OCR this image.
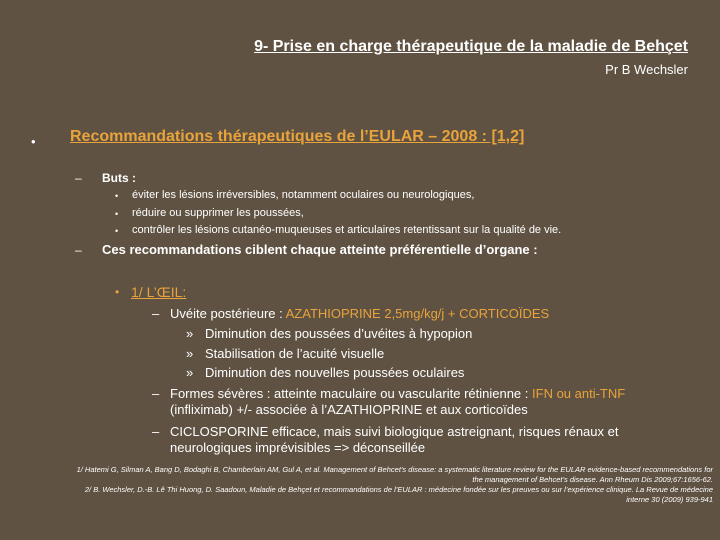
9- Prise en charge thérapeutique de la maladie de Behçet
Pr B Wechsler
• Recommandations thérapeutiques de l’EULAR – 2008 : [1,2]
– Buts :
• éviter les lésions irréversibles, notamment oculaires ou neurologiques,
• réduire ou supprimer les poussées,
• contrôler les lésions cutanéo-muqueuses et articulaires retentissant sur la qualité de vie.
– Ces recommandations ciblent chaque atteinte préférentielle d’organe :
• 1/ L’ŒIL:
– Uvéite postérieure : AZATHIOPRINE 2,5mg/kg/j + CORTICOÏDES
» Diminution des poussées d’uvéites à hypopion
» Stabilisation de l’acuité visuelle
» Diminution des nouvelles poussées oculaires
– Formes sévères : atteinte maculaire ou vascularite rétinienne : IFN ou anti-TNF
(infliximab) +/- associée à l’AZATHIOPRINE et aux corticoïdes
– CICLOSPORINE efficace, mais suivi biologique astreignant, risques rénaux et
neurologiques imprévisibles => déconseillée
1/ Hatemi G, Silman A, Bang D, Bodaghi B, Chamberlain AM, Gul A, et al. Management of Behcet’s disease: a systematic literature review for the EULAR evidence-based recommendations for
the management of Behcet’s disease. Ann Rheum Dis 2009;67:1656-62.
2/ B. Wechsler, D.-B. Lê Thi Huong, D. Saadoun, Maladie de Behçet et recommandations de l’EULAR : médecine fondée sur les preuves ou sur l’expérience clinique. La Revue de médecine
interne 30 (2009) 939-941
